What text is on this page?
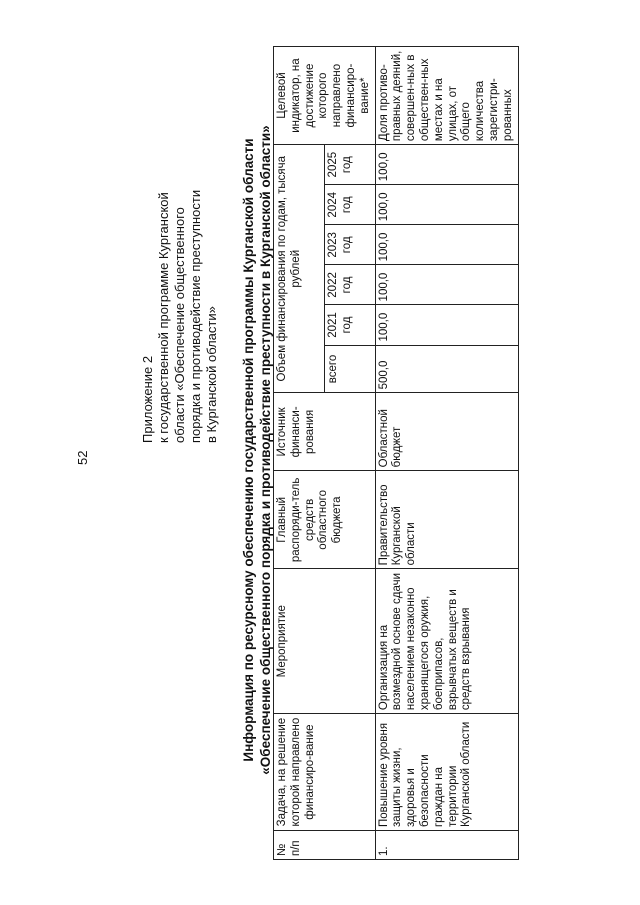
52
Приложение 2 к государственной программе Курганской области «Обеспечение общественного порядка и противодействие преступности в Курганской области» Информация по ресурсному обеспечению государственной программы Курганской области «Обеспечение общественного порядка и противодействие преступности в Курганской области»
№ п/п	Задача, на решение которой направлено финансиро-вание	Мероприятие	Главный распоряди-тель средств областного бюджета	Источник финанси-рования	Объем финансирования по годам, тысяча рублей						Целевой индикатор, на достижение которого направлено финансиро-вание*
					всего	2021 год	2022 год	2023 год	2024 год	2025 год	
1.	Повышение уровня защиты жизни, здоровья и безопасности граждан на территории Курганской области	Организация на возмездной основе сдачи населением незаконно хранящегося оружия, боеприпасов, взрывчатых веществ и средств взрывания	Правительство Курганской области	Областной бюджет	500,0	100,0	100,0	100,0	100,0	100,0	Доля противо-правных деяний, совершен-ных в обществен-ных местах и на улицах, от общего количества зарегистри-рованных
